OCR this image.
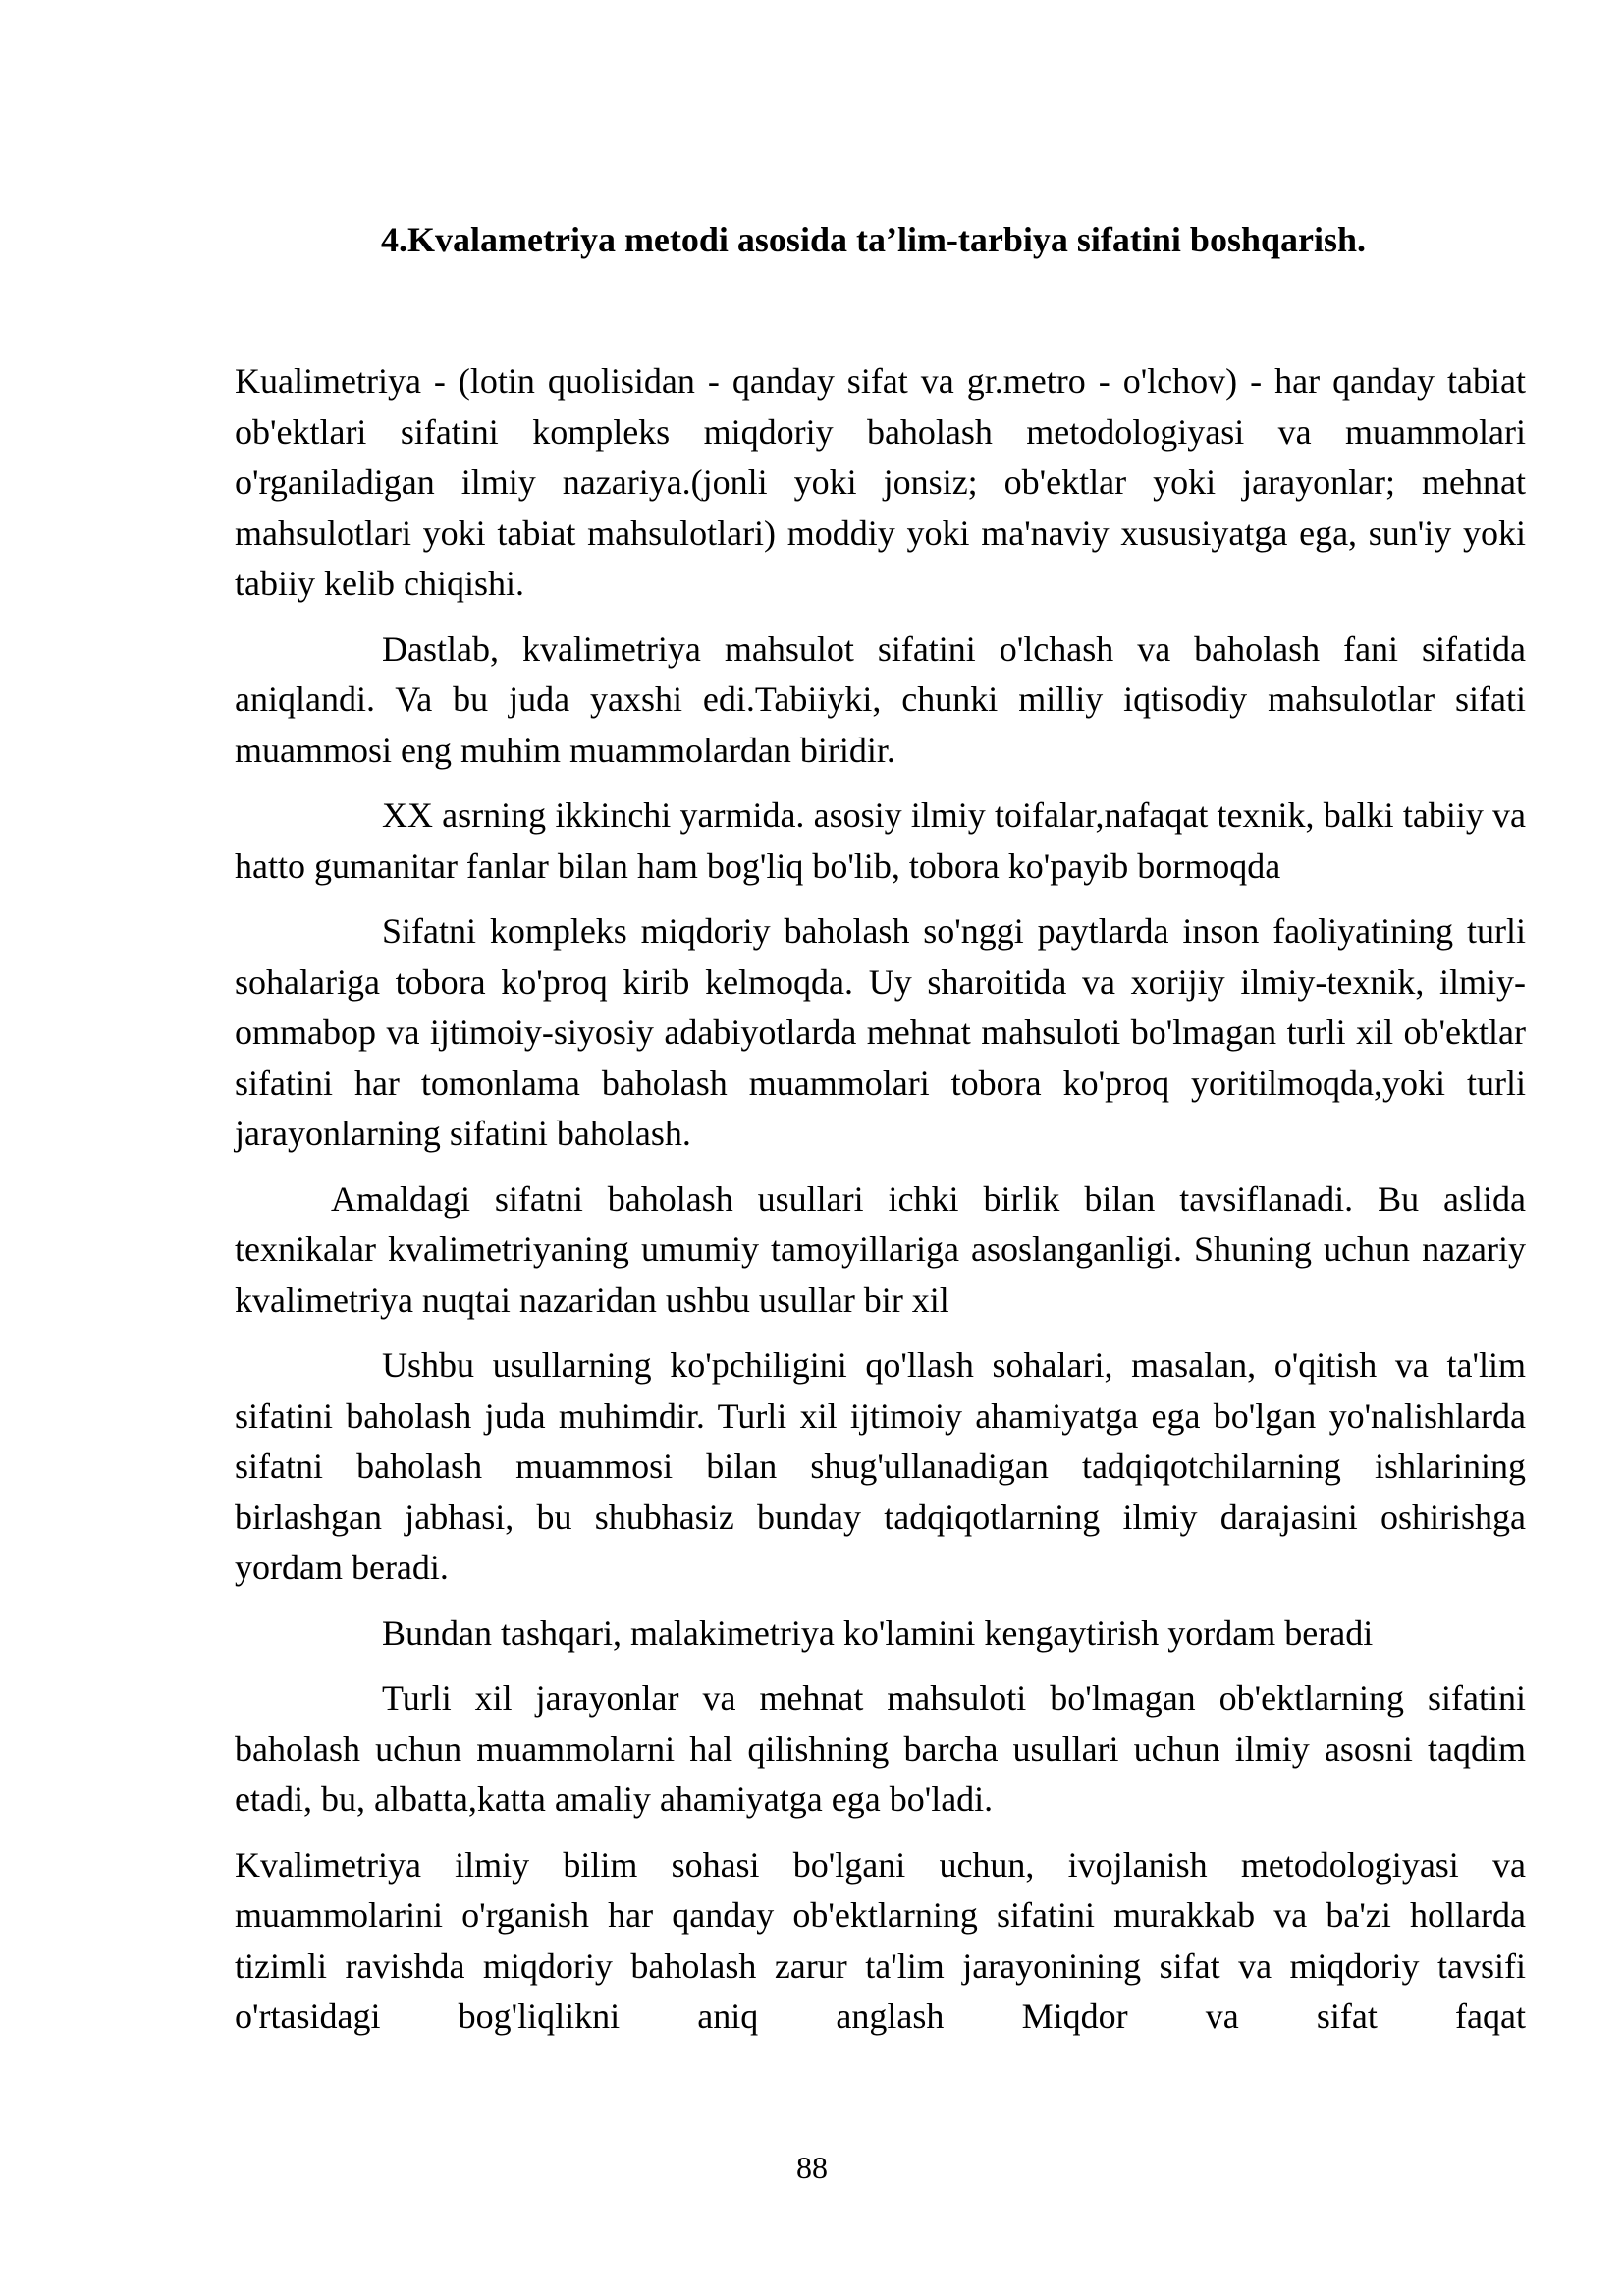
4.Kvalametriya metodi asosida ta’lim-tarbiya sifatini boshqarish.

Kualimetriya - (lotin quolisidan - qanday sifat va gr.metro - o'lchov) - har qanday tabiat ob'ektlari sifatini kompleks miqdoriy baholash metodologiyasi va muammolari o'rganiladigan ilmiy nazariya.(jonli yoki jonsiz; ob'ektlar yoki jarayonlar; mehnat mahsulotlari yoki tabiat mahsulotlari) moddiy yoki ma'naviy xususiyatga ega, sun'iy yoki tabiiy kelib chiqishi.

Dastlab, kvalimetriya mahsulot sifatini o'lchash va baholash fani sifatida aniqlandi. Va bu juda yaxshi edi.Tabiiyki, chunki milliy iqtisodiy mahsulotlar sifati muammosi eng muhim muammolardan biridir.

XX asrning ikkinchi yarmida. asosiy ilmiy toifalar,nafaqat texnik, balki tabiiy va hatto gumanitar fanlar bilan ham bog'liq bo'lib, tobora ko'payib bormoqda

Sifatni kompleks miqdoriy baholash so'nggi paytlarda inson faoliyatining turli sohalariga tobora ko'proq kirib kelmoqda. Uy sharoitida va xorijiy ilmiy-texnik, ilmiy-ommabop va ijtimoiy-siyosiy adabiyotlarda mehnat mahsuloti bo'lmagan turli xil ob'ektlar sifatini har tomonlama baholash muammolari tobora ko'proq yoritilmoqda,yoki turli jarayonlarning sifatini baholash.

Amaldagi sifatni baholash usullari ichki birlik bilan tavsiflanadi. Bu aslida texnikalar kvalimetriyaning umumiy tamoyillariga asoslanganligi. Shuning uchun nazariy kvalimetriya nuqtai nazaridan ushbu usullar bir xil

Ushbu usullarning ko'pchiligini qo'llash sohalari, masalan, o'qitish va ta'lim sifatini baholash juda muhimdir. Turli xil ijtimoiy ahamiyatga ega bo'lgan yo'nalishlarda sifatni baholash muammosi bilan shug'ullanadigan tadqiqotchilarning ishlarining birlashgan jabhasi, bu shubhasiz bunday tadqiqotlarning ilmiy darajasini oshirishga yordam beradi.

Bundan tashqari, malakimetriya ko'lamini kengaytirish yordam beradi

Turli xil jarayonlar va mehnat mahsuloti bo'lmagan ob'ektlarning sifatini baholash uchun muammolarni hal qilishning barcha usullari uchun ilmiy asosni taqdim etadi, bu, albatta,katta amaliy ahamiyatga ega bo'ladi.

Kvalimetriya ilmiy bilim sohasi bo'lgani uchun, ivojlanish metodologiyasi va muammolarini o'rganish har qanday ob'ektlarning sifatini murakkab va ba'zi hollarda tizimli ravishda miqdoriy baholash zarur ta'lim jarayonining sifat va miqdoriy tavsifi o'rtasidagi bog'liqlikni aniq anglash Miqdor va sifat faqat

88
